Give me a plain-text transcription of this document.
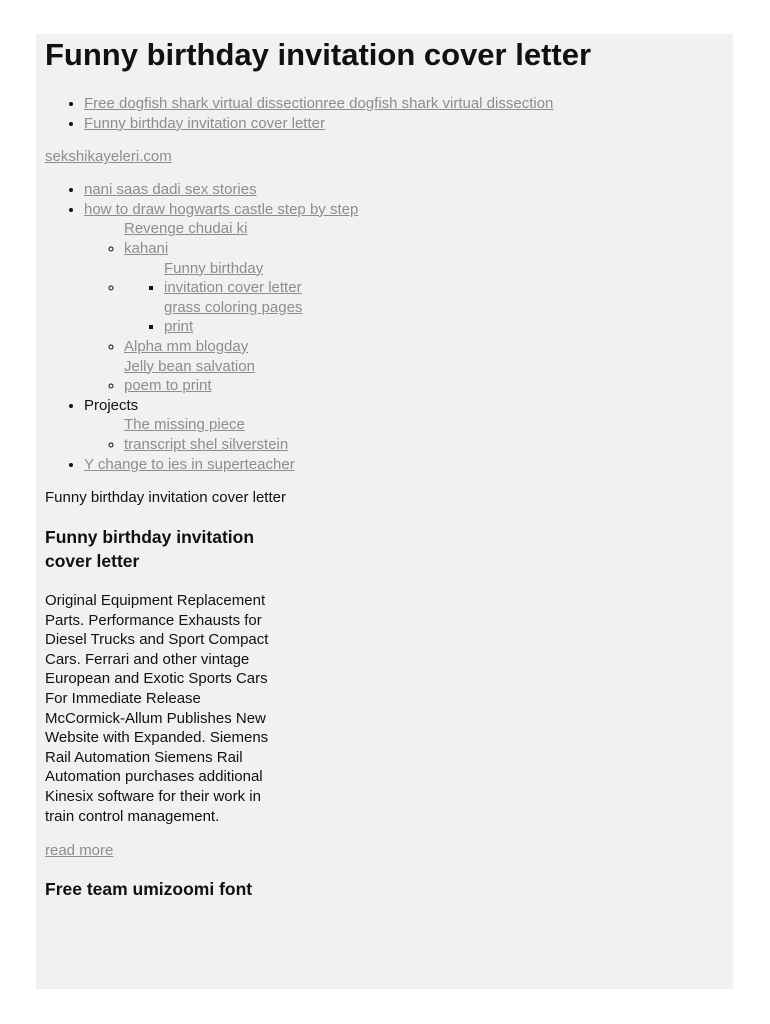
Funny birthday invitation cover letter
• Free dogfish shark virtual dissectionree dogfish shark virtual dissection
• Funny birthday invitation cover letter
sekshikayeleri.com
• nani saas dadi sex stories
• how to draw hogwarts castle step by step
◦ Revenge chudai ki kahani
▪ ◦ Funny birthday invitation cover letter
▪ grass coloring pages print
◦ Alpha mm blogday
◦ Jelly bean salvation poem to print
• Projects
◦ The missing piece transcript shel silverstein
• Y change to ies in superteacher
Funny birthday invitation cover letter
Funny birthday invitation cover letter
Original Equipment Replacement Parts. Performance Exhausts for Diesel Trucks and Sport Compact Cars. Ferrari and other vintage European and Exotic Sports Cars For Immediate Release McCormick-Allum Publishes New Website with Expanded. Siemens Rail Automation Siemens Rail Automation purchases additional Kinesix software for their work in train control management.
read more
Free team umizoomi font
